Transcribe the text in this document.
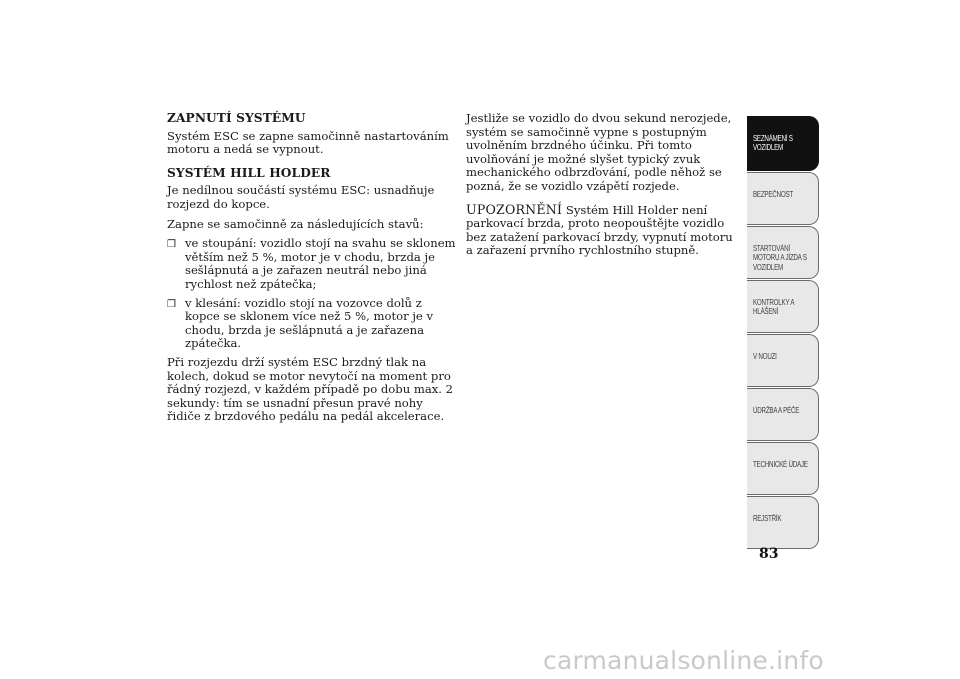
ZAPNUTÍ SYSTÉMU
Systém ESC se zapne samočinně nastartováním motoru a nedá se vypnout.
SYSTÉM HILL HOLDER
Je nedílnou součástí systému ESC: usnadňuje rozjezd do kopce.
Zapne se samočinně za následujících stavů:
❒ ve stoupání: vozidlo stojí na svahu se sklonem větším než 5 %, motor je v chodu, brzda je sešlápnutá a je zařazen neutrál nebo jiná rychlost než zpátečka;
❒ v klesání: vozidlo stojí na vozovce dolů z kopce se sklonem více než 5 %, motor je v chodu, brzda je sešlápnutá a je zařazena zpátečka.
Při rozjezdu drží systém ESC brzdný tlak na kolech, dokud se motor nevytočí na moment pro řádný rozjezd, v každém případě po dobu max. 2 sekundy: tím se usnadní přesun pravé nohy řidiče z brzdového pedálu na pedál akcelerace.
Jestliže se vozidlo do dvou sekund nerozjede, systém se samočinně vypne s postupným uvolněním brzdného účinku. Při tomto uvolňování je možné slyšet typický zvuk mechanického odbrzďování, podle něhož se pozná, že se vozidlo vzápětí rozjede.
UPOZORNĚNÍ Systém Hill Holder není parkovací brzda, proto neopouštějte vozidlo bez zatažení parkovací brzdy, vypnutí motoru a zařazení prvního rychlostního stupně.
SEZNÁMENÍ S VOZIDLEM
BEZPEČNOST
STARTOVÁNÍ MOTORU A JÍZDA S VOZIDLEM
KONTROLKY A HLÁŠENÍ
V NOUZI
ÚDRŽBA A PÉČE
TECHNICKÉ ÚDAJE
REJSTŘÍK
83
carmanualsonline.info
